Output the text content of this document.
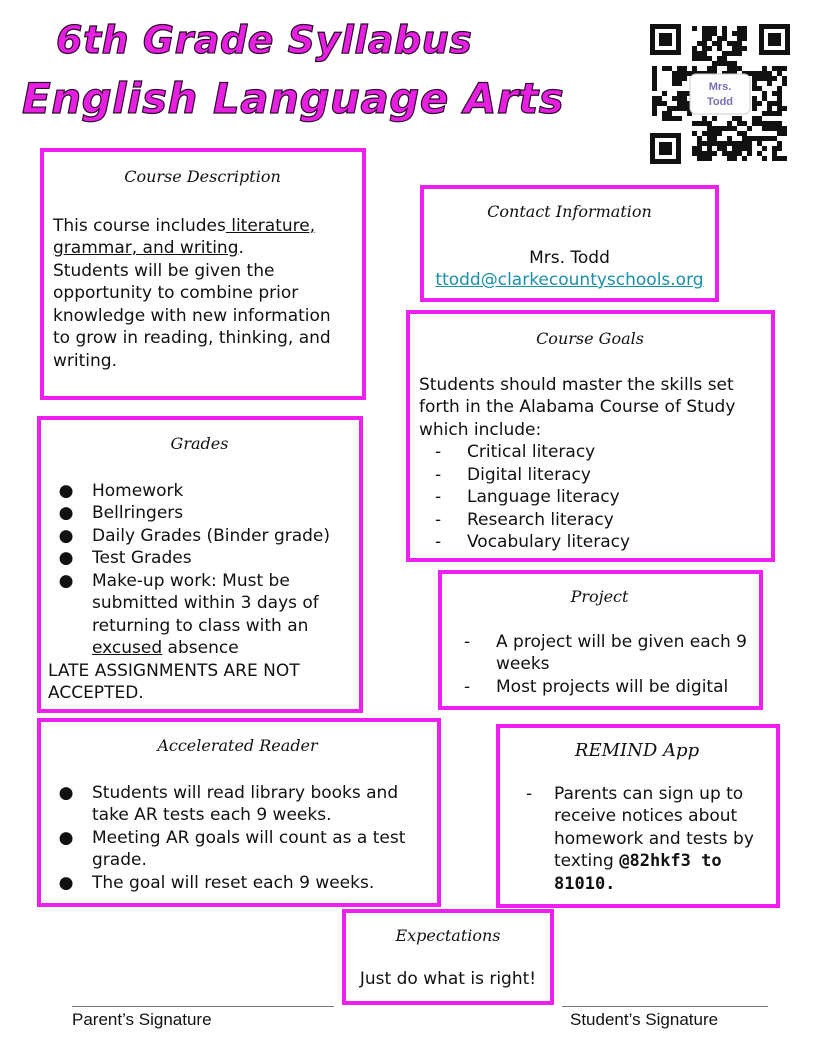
6th Grade Syllabus
English Language Arts	Mrs.
Todd

Course Description

This course includes literature, grammar, and writing.
Students will be given the opportunity to combine prior knowledge with new information to grow in reading, thinking, and writing.

Contact Information

Mrs. Todd

ttodd@clarkecountyschools.org

Course Goals

Students should master the skills set forth in the Alabama Course of Study which include:

- Critical literacy
- Digital literacy
- Language literacy
- Research literacy
- Vocabulary literacy

Grades

● Homework
● Bellringers
● Daily Grades (Binder grade)
● Test Grades
● Make-up work: Must be submitted within 3 days of returning to class with an excused absence

LATE ASSIGNMENTS ARE NOT ACCEPTED.

Project

- A project will be given each 9 weeks
- Most projects will be digital

Accelerated Reader

● Students will read library books and take AR tests each 9 weeks.
● Meeting AR goals will count as a test grade.
● The goal will reset each 9 weeks.

REMIND App

- Parents can sign up to receive notices about homework and tests by texting @82hkf3 to 81010.

Expectations

Just do what is right!

Parent’s Signature	Student’s Signature
